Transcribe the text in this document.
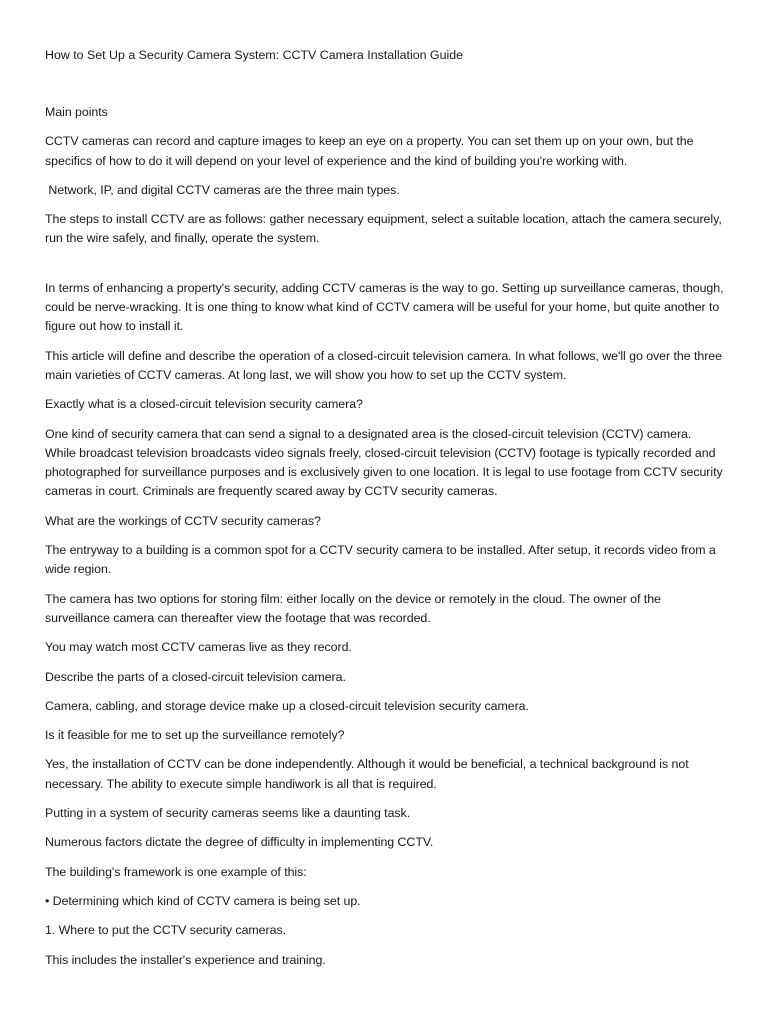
How to Set Up a Security Camera System: CCTV Camera Installation Guide

Main points

CCTV cameras can record and capture images to keep an eye on a property. You can set them up on your own, but the specifics of how to do it will depend on your level of experience and the kind of building you're working with.

Network, IP, and digital CCTV cameras are the three main types.

The steps to install CCTV are as follows: gather necessary equipment, select a suitable location, attach the camera securely, run the wire safely, and finally, operate the system.

In terms of enhancing a property's security, adding CCTV cameras is the way to go. Setting up surveillance cameras, though, could be nerve-wracking. It is one thing to know what kind of CCTV camera will be useful for your home, but quite another to figure out how to install it.

This article will define and describe the operation of a closed-circuit television camera. In what follows, we'll go over the three main varieties of CCTV cameras. At long last, we will show you how to set up the CCTV system.

Exactly what is a closed-circuit television security camera?

One kind of security camera that can send a signal to a designated area is the closed-circuit television (CCTV) camera. While broadcast television broadcasts video signals freely, closed-circuit television (CCTV) footage is typically recorded and photographed for surveillance purposes and is exclusively given to one location. It is legal to use footage from CCTV security cameras in court. Criminals are frequently scared away by CCTV security cameras.

What are the workings of CCTV security cameras?

The entryway to a building is a common spot for a CCTV security camera to be installed. After setup, it records video from a wide region.

The camera has two options for storing film: either locally on the device or remotely in the cloud. The owner of the surveillance camera can thereafter view the footage that was recorded.

You may watch most CCTV cameras live as they record.

Describe the parts of a closed-circuit television camera.

Camera, cabling, and storage device make up a closed-circuit television security camera.

Is it feasible for me to set up the surveillance remotely?

Yes, the installation of CCTV can be done independently. Although it would be beneficial, a technical background is not necessary. The ability to execute simple handiwork is all that is required.

Putting in a system of security cameras seems like a daunting task.

Numerous factors dictate the degree of difficulty in implementing CCTV.

The building's framework is one example of this:

• Determining which kind of CCTV camera is being set up.

1. Where to put the CCTV security cameras.

This includes the installer's experience and training.
